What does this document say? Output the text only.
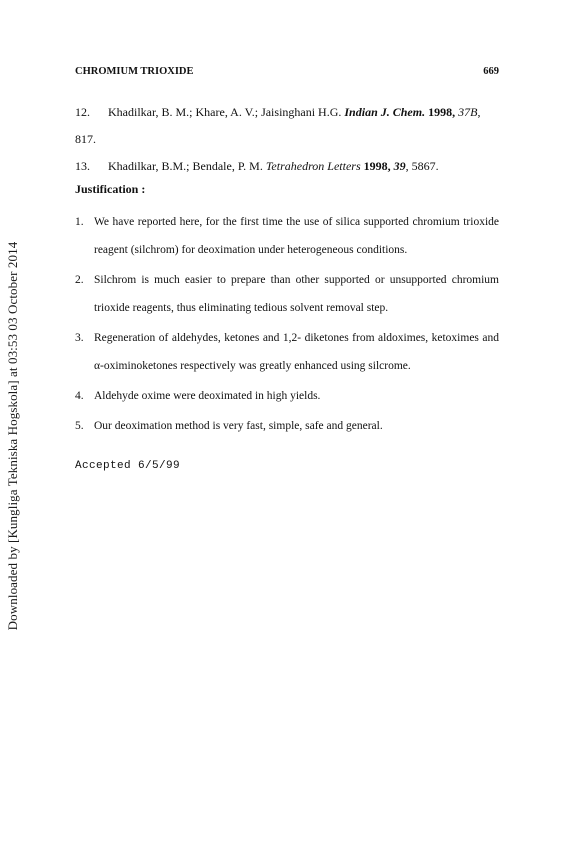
Downloaded by [Kungliga Tekniska Hogskola] at 03:53 03 October 2014
CHROMIUM TRIOXIDE	669
12.	Khadilkar, B. M.; Khare, A. V.; Jaisinghani H.G. Indian J. Chem. 1998, 37B,
817.
13.	Khadilkar, B.M.; Bendale, P. M. Tetrahedron Letters 1998, 39, 5867.
Justification :
1. We have reported here, for the first time the use of silica supported chromium trioxide reagent (silchrom) for deoximation under heterogeneous conditions.
2. Silchrom is much easier to prepare than other supported or unsupported chromium trioxide reagents, thus eliminating tedious solvent removal step.
3. Regeneration of aldehydes, ketones and 1,2- diketones from aldoximes, ketoximes and α-oximinoketones respectively was greatly enhanced using silcrome.
4. Aldehyde oxime were deoximated in high yields.
5. Our deoximation method is very fast, simple, safe and general.
Accepted 6/5/99
